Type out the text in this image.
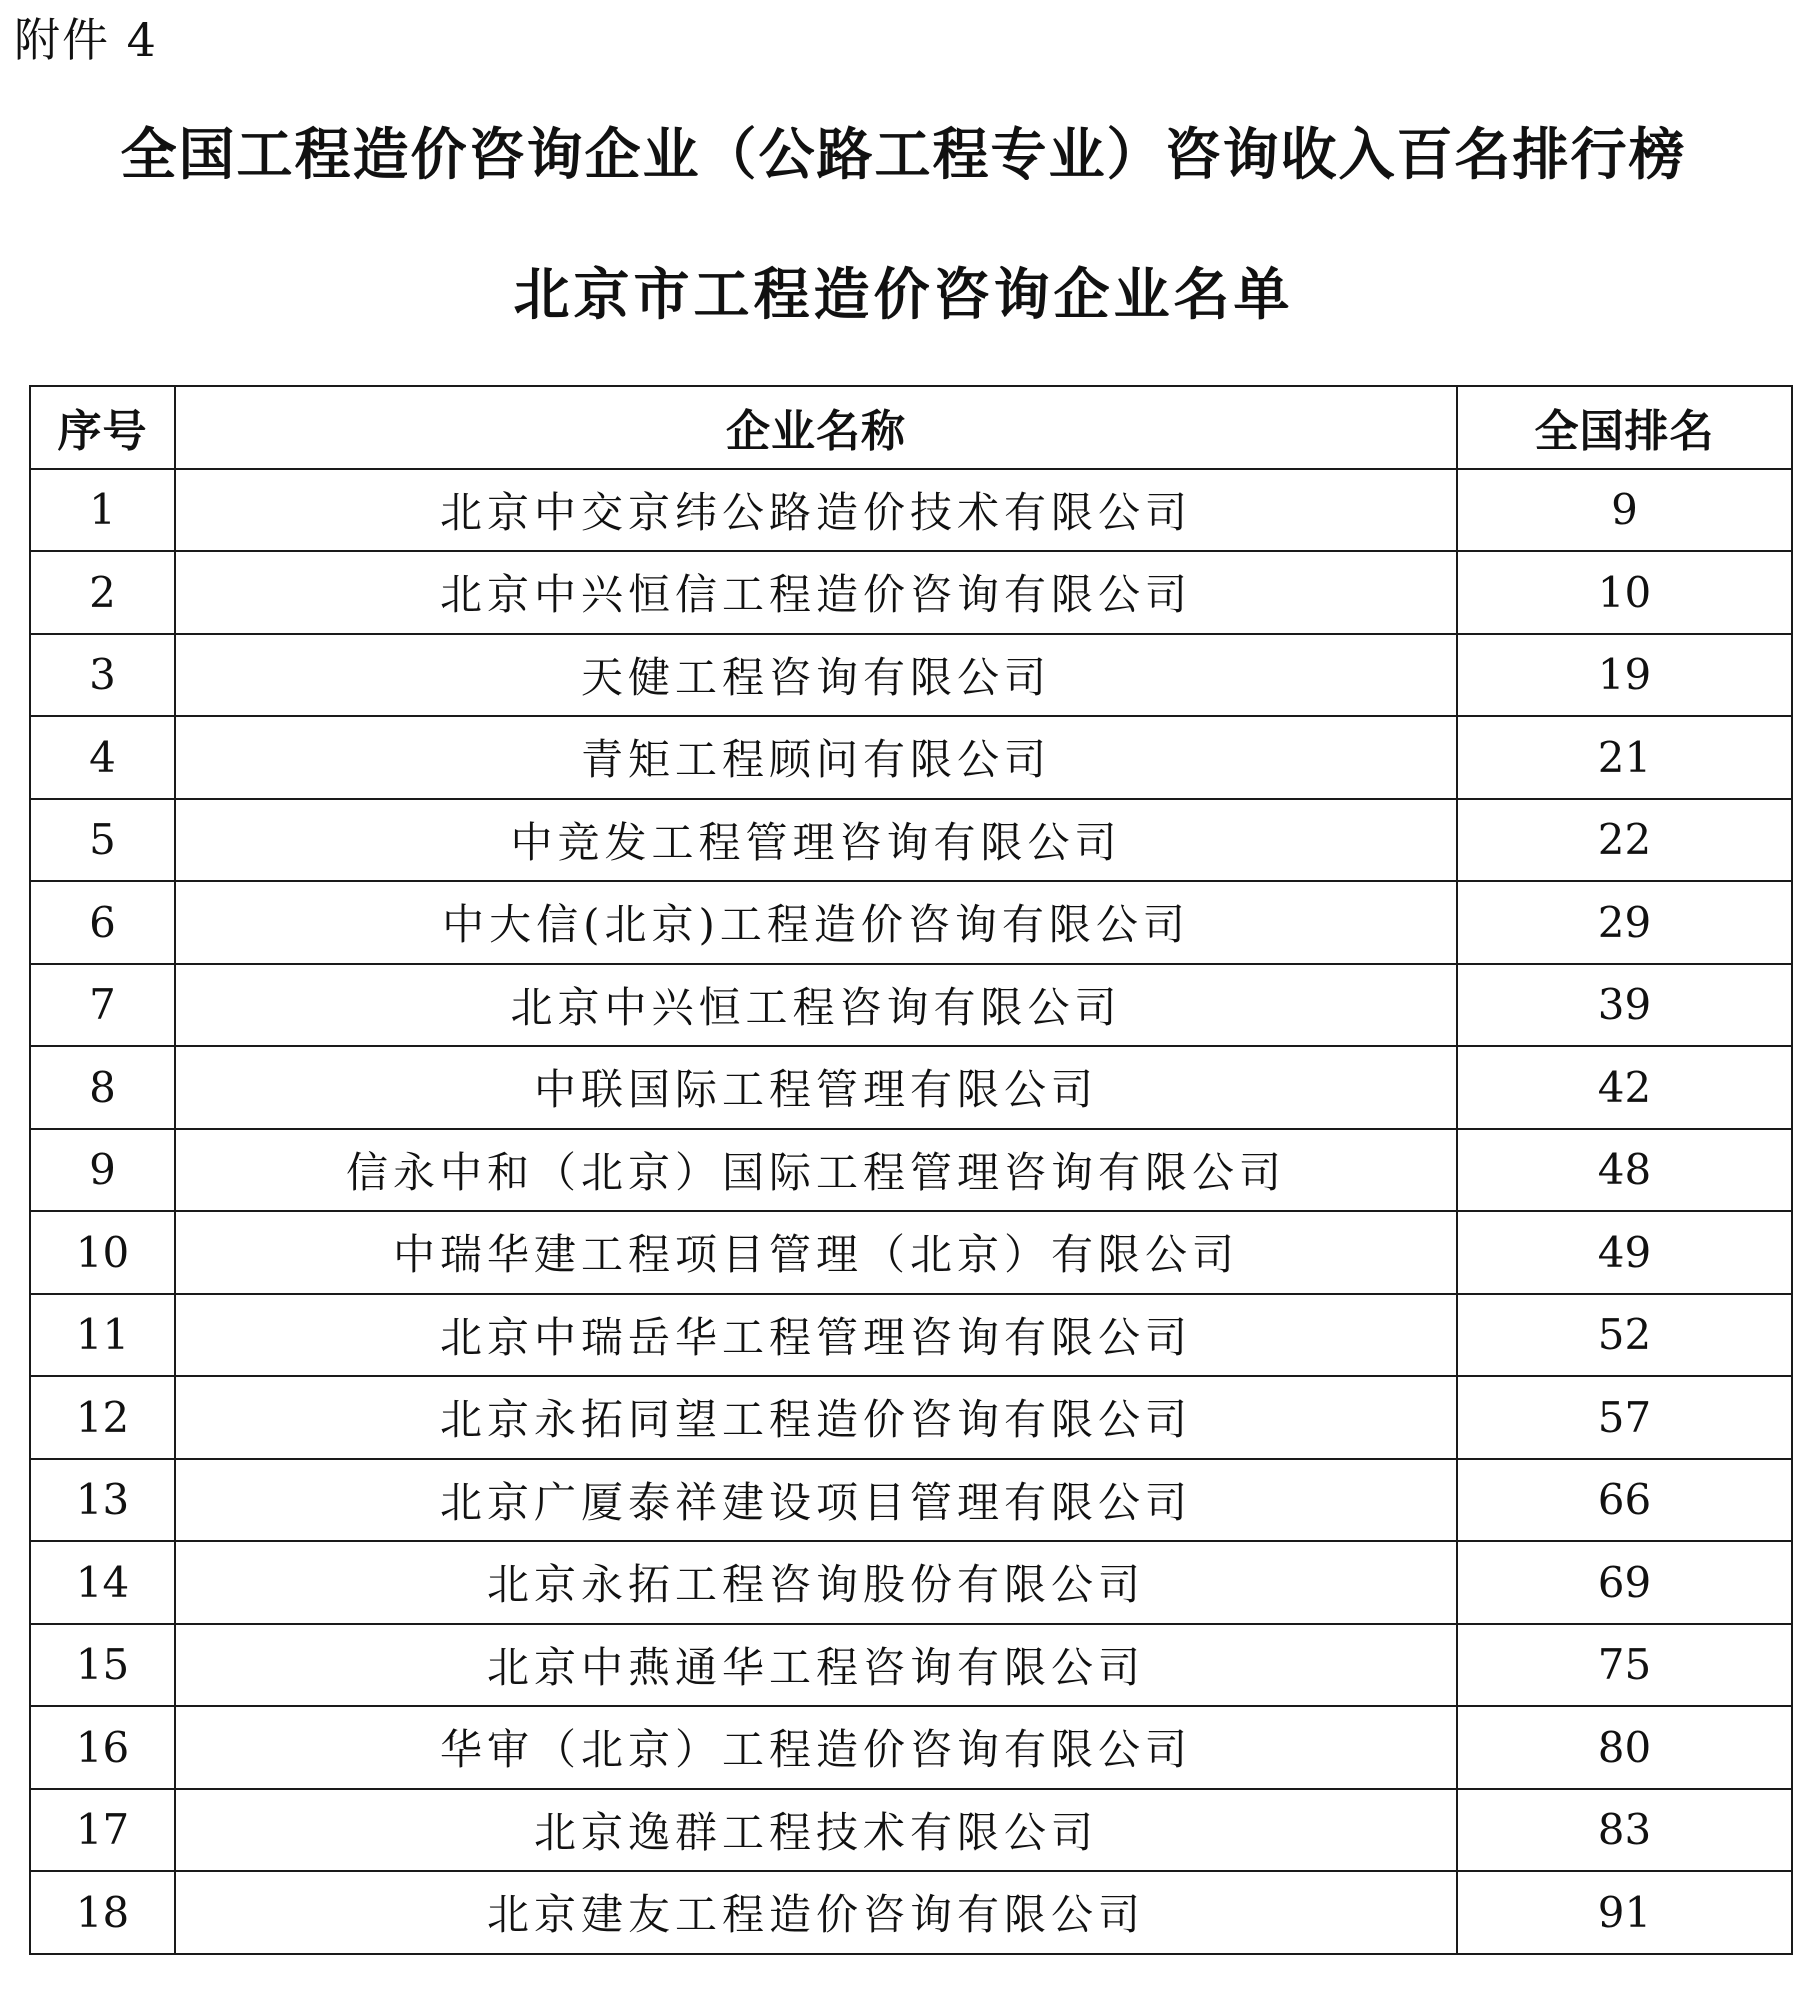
附件 4
全国工程造价咨询企业（公路工程专业）咨询收入百名排行榜
北京市工程造价咨询企业名单
序号	企业名称	全国排名
1	北京中交京纬公路造价技术有限公司	9
2	北京中兴恒信工程造价咨询有限公司	10
3	天健工程咨询有限公司	19
4	青矩工程顾问有限公司	21
5	中竞发工程管理咨询有限公司	22
6	中大信(北京)工程造价咨询有限公司	29
7	北京中兴恒工程咨询有限公司	39
8	中联国际工程管理有限公司	42
9	信永中和（北京）国际工程管理咨询有限公司	48
10	中瑞华建工程项目管理（北京）有限公司	49
11	北京中瑞岳华工程管理咨询有限公司	52
12	北京永拓同望工程造价咨询有限公司	57
13	北京广厦泰祥建设项目管理有限公司	66
14	北京永拓工程咨询股份有限公司	69
15	北京中燕通华工程咨询有限公司	75
16	华审（北京）工程造价咨询有限公司	80
17	北京逸群工程技术有限公司	83
18	北京建友工程造价咨询有限公司	91
